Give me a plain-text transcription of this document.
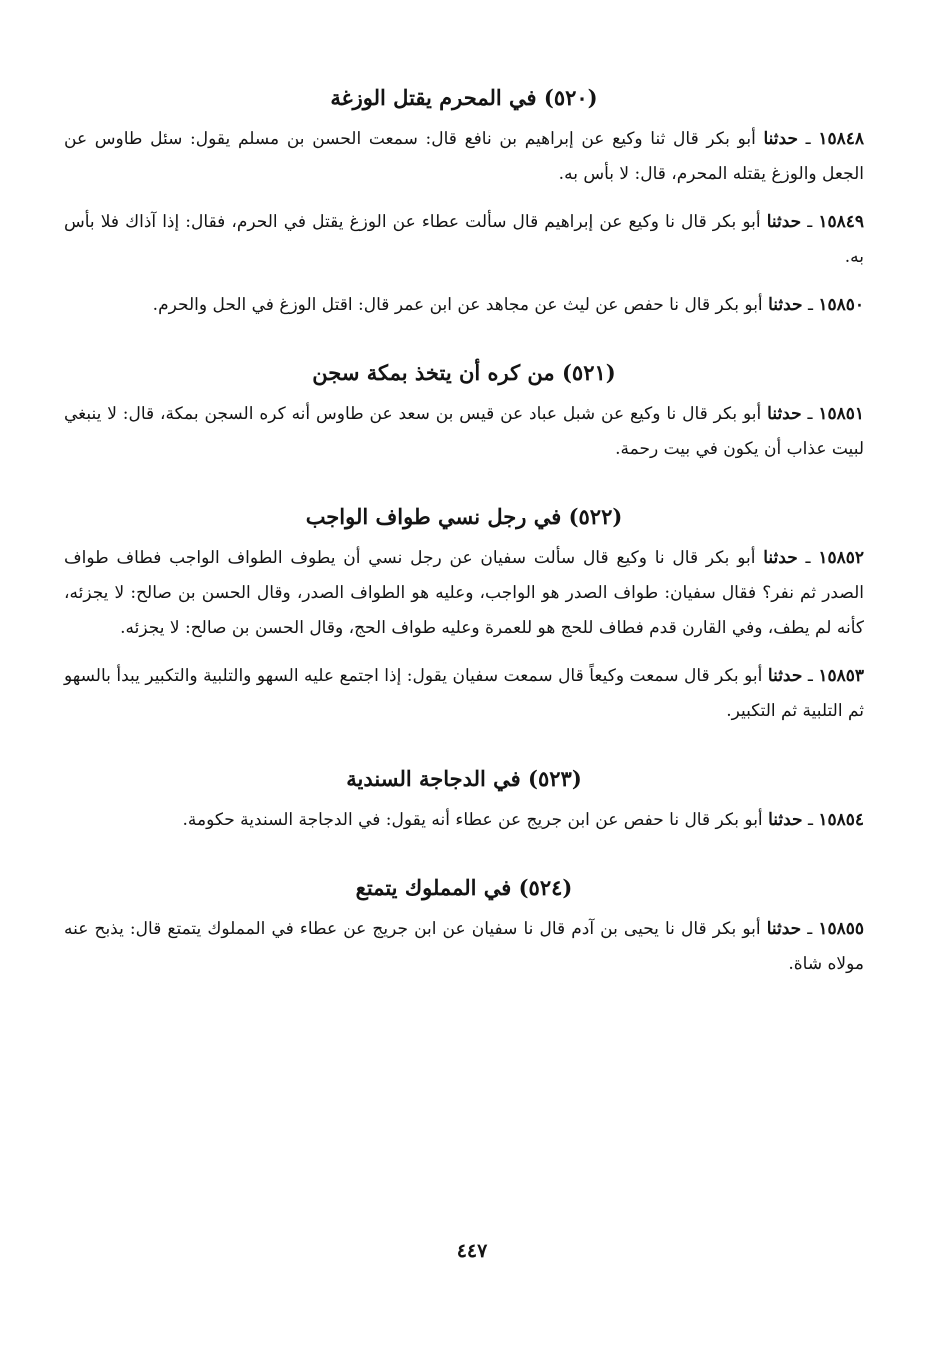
(٥٢٠) في المحرم يقتل الوزغة

١٥٨٤٨ ـ حدثنا أبو بكر قال ثنا وكيع عن إبراهيم بن نافع قال: سمعت الحسن بن مسلم يقول: سئل طاوس عن الجعل والوزغ يقتله المحرم، قال: لا بأس به.

١٥٨٤٩ ـ حدثنا أبو بكر قال نا وكيع عن إبراهيم قال سألت عطاء عن الوزغ يقتل في الحرم، فقال: إذا آذاك فلا بأس به.

١٥٨٥٠ ـ حدثنا أبو بكر قال نا حفص عن ليث عن مجاهد عن ابن عمر قال: اقتل الوزغ في الحل والحرم.

(٥٢١) من كره أن يتخذ بمكة سجن

١٥٨٥١ ـ حدثنا أبو بكر قال نا وكيع عن شبل عباد عن قيس بن سعد عن طاوس أنه كره السجن بمكة، قال: لا ينبغي لبيت عذاب أن يكون في بيت رحمة.

(٥٢٢) في رجل نسي طواف الواجب

١٥٨٥٢ ـ حدثنا أبو بكر قال نا وكيع قال سألت سفيان عن رجل نسي أن يطوف الطواف الواجب فطاف طواف الصدر ثم نفر؟ فقال سفيان: طواف الصدر هو الواجب، وعليه هو الطواف الصدر، وقال الحسن بن صالح: لا يجزئه، كأنه لم يطف، وفي القارن قدم فطاف للحج هو للعمرة وعليه طواف الحج، وقال الحسن بن صالح: لا يجزئه.

١٥٨٥٣ ـ حدثنا أبو بكر قال سمعت وكيعاً قال سمعت سفيان يقول: إذا اجتمع عليه السهو والتلبية والتكبير يبدأ بالسهو ثم التلبية ثم التكبير.

(٥٢٣) في الدجاجة السندية

١٥٨٥٤ ـ حدثنا أبو بكر قال نا حفص عن ابن جريج عن عطاء أنه يقول: في الدجاجة السندية حكومة.

(٥٢٤) في المملوك يتمتع

١٥٨٥٥ ـ حدثنا أبو بكر قال نا يحيى بن آدم قال نا سفيان عن ابن جريج عن عطاء في المملوك يتمتع قال: يذبح عنه مولاه شاة.

٤٤٧
